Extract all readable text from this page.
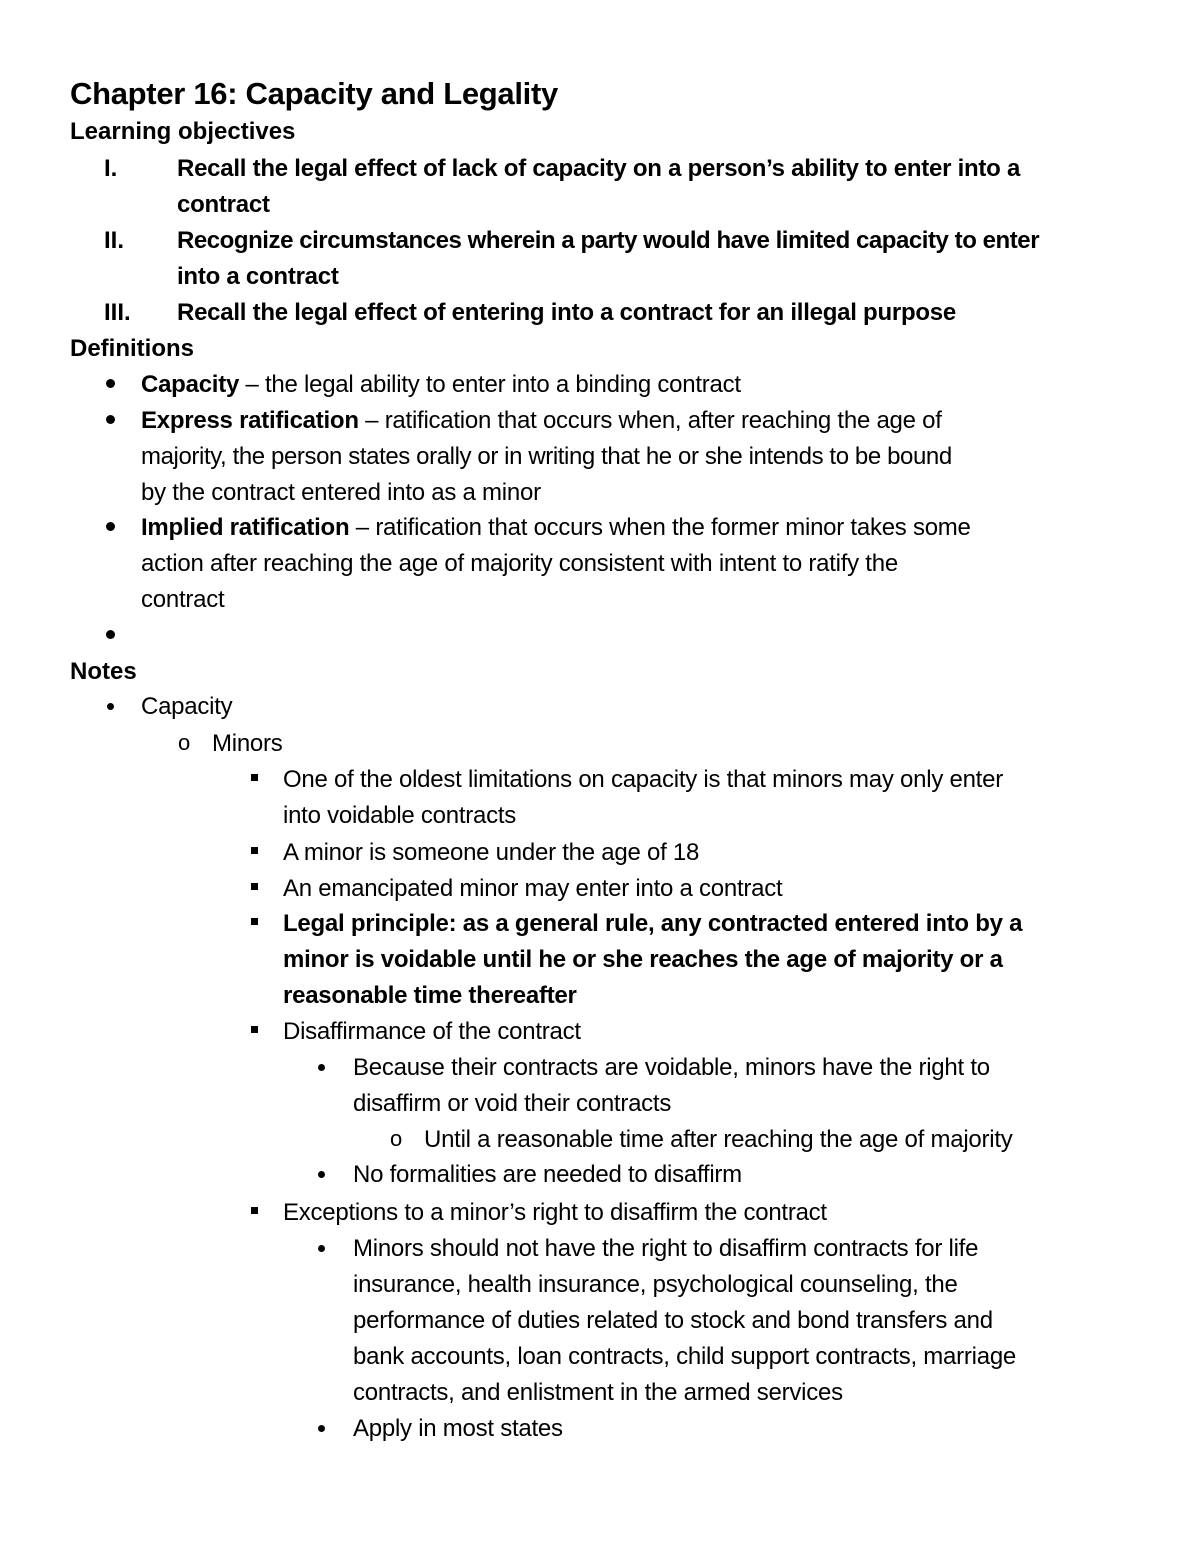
Chapter 16: Capacity and Legality
Learning objectives
I. Recall the legal effect of lack of capacity on a person’s ability to enter into a
contract
II. Recognize circumstances wherein a party would have limited capacity to enter
into a contract
III. Recall the legal effect of entering into a contract for an illegal purpose
Definitions
Capacity – the legal ability to enter into a binding contract
Express ratification – ratification that occurs when, after reaching the age of
majority, the person states orally or in writing that he or she intends to be bound
by the contract entered into as a minor
Implied ratification – ratification that occurs when the former minor takes some
action after reaching the age of majority consistent with intent to ratify the
contract
Notes
Capacity
o Minors
One of the oldest limitations on capacity is that minors may only enter
into voidable contracts
A minor is someone under the age of 18
An emancipated minor may enter into a contract
Legal principle: as a general rule, any contracted entered into by a
minor is voidable until he or she reaches the age of majority or a
reasonable time thereafter
Disaffirmance of the contract
Because their contracts are voidable, minors have the right to
disaffirm or void their contracts
o Until a reasonable time after reaching the age of majority
No formalities are needed to disaffirm
Exceptions to a minor’s right to disaffirm the contract
Minors should not have the right to disaffirm contracts for life
insurance, health insurance, psychological counseling, the
performance of duties related to stock and bond transfers and
bank accounts, loan contracts, child support contracts, marriage
contracts, and enlistment in the armed services
Apply in most states
